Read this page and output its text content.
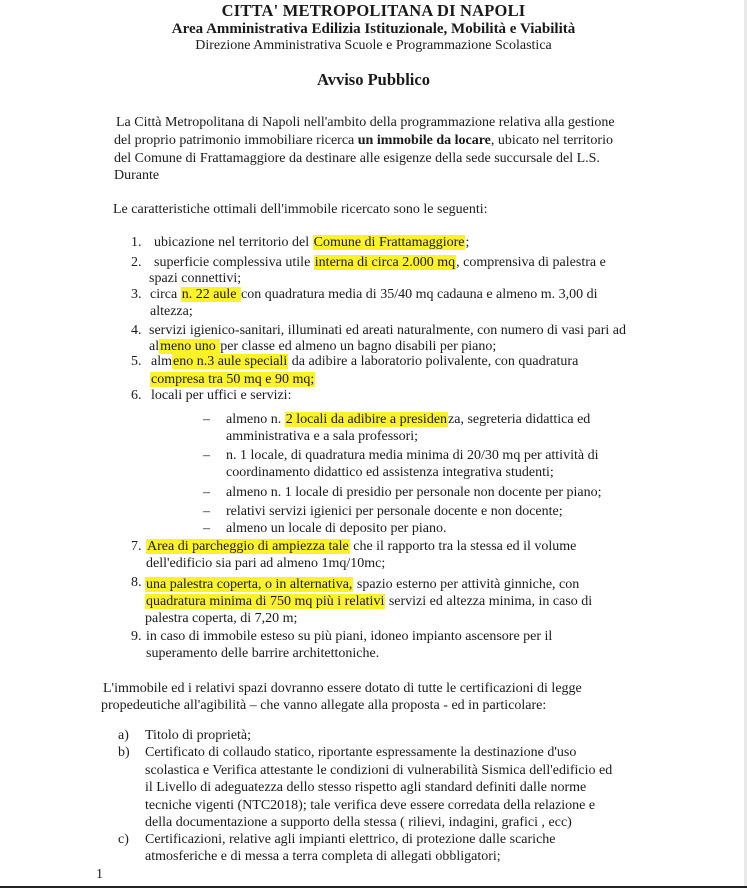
CITTA' METROPOLITANA DI NAPOLI
Area Amministrativa Edilizia Istituzionale, Mobilità e Viabilità
Direzione Amministrativa Scuole e Programmazione Scolastica
Avviso Pubblico
La Città Metropolitana di Napoli nell'ambito della programmazione relativa alla gestione
del proprio patrimonio immobiliare ricerca un immobile da locare, ubicato nel territorio
del Comune di Frattamaggiore da destinare alle esigenze della sede succursale del L.S.
Durante
Le caratteristiche ottimali dell'immobile ricercato sono le seguenti:
1. ubicazione nel territorio del Comune di Frattamaggiore;
2. superficie complessiva utile interna di circa 2.000 mq, comprensiva di palestra e
spazi connettivi;
3. circa n. 22 aule con quadratura media di 35/40 mq cadauna e almeno m. 3,00 di
altezza;
4. servizi igienico-sanitari, illuminati ed areati naturalmente, con numero di vasi pari ad
almeno uno per classe ed almeno un bagno disabili per piano;
5. almeno n.3 aule speciali da adibire a laboratorio polivalente, con quadratura
compresa tra 50 mq e 90 mq;
6. locali per uffici e servizi:
– almeno n. 2 locali da adibire a presidenza, segreteria didattica ed
amministrativa e a sala professori;
– n. 1 locale, di quadratura media minima di 20/30 mq per attività di
coordinamento didattico ed assistenza integrativa studenti;
– almeno n. 1 locale di presidio per personale non docente per piano;
– relativi servizi igienici per personale docente e non docente;
– almeno un locale di deposito per piano.
7. Area di parcheggio di ampiezza tale che il rapporto tra la stessa ed il volume
dell'edificio sia pari ad almeno 1mq/10mc;
8. una palestra coperta, o in alternativa, spazio esterno per attività ginniche, con
quadratura minima di 750 mq più i relativi servizi ed altezza minima, in caso di
palestra coperta, di 7,20 m;
9. in caso di immobile esteso su più piani, idoneo impianto ascensore per il
superamento delle barrire architettoniche.
L'immobile ed i relativi spazi dovranno essere dotato di tutte le certificazioni di legge
propedeutiche all'agibilità – che vanno allegate alla proposta - ed in particolare:
a) Titolo di proprietà;
b) Certificato di collaudo statico, riportante espressamente la destinazione d'uso
scolastica e Verifica attestante le condizioni di vulnerabilità Sismica dell'edificio ed
il Livello di adeguatezza dello stesso rispetto agli standard definiti dalle norme
tecniche vigenti (NTC2018); tale verifica deve essere corredata della relazione e
della documentazione a supporto della stessa ( rilievi, indagini, grafici , ecc)
c) Certificazioni, relative agli impianti elettrico, di protezione dalle scariche
atmosferiche e di messa a terra completa di allegati obbligatori;
1
